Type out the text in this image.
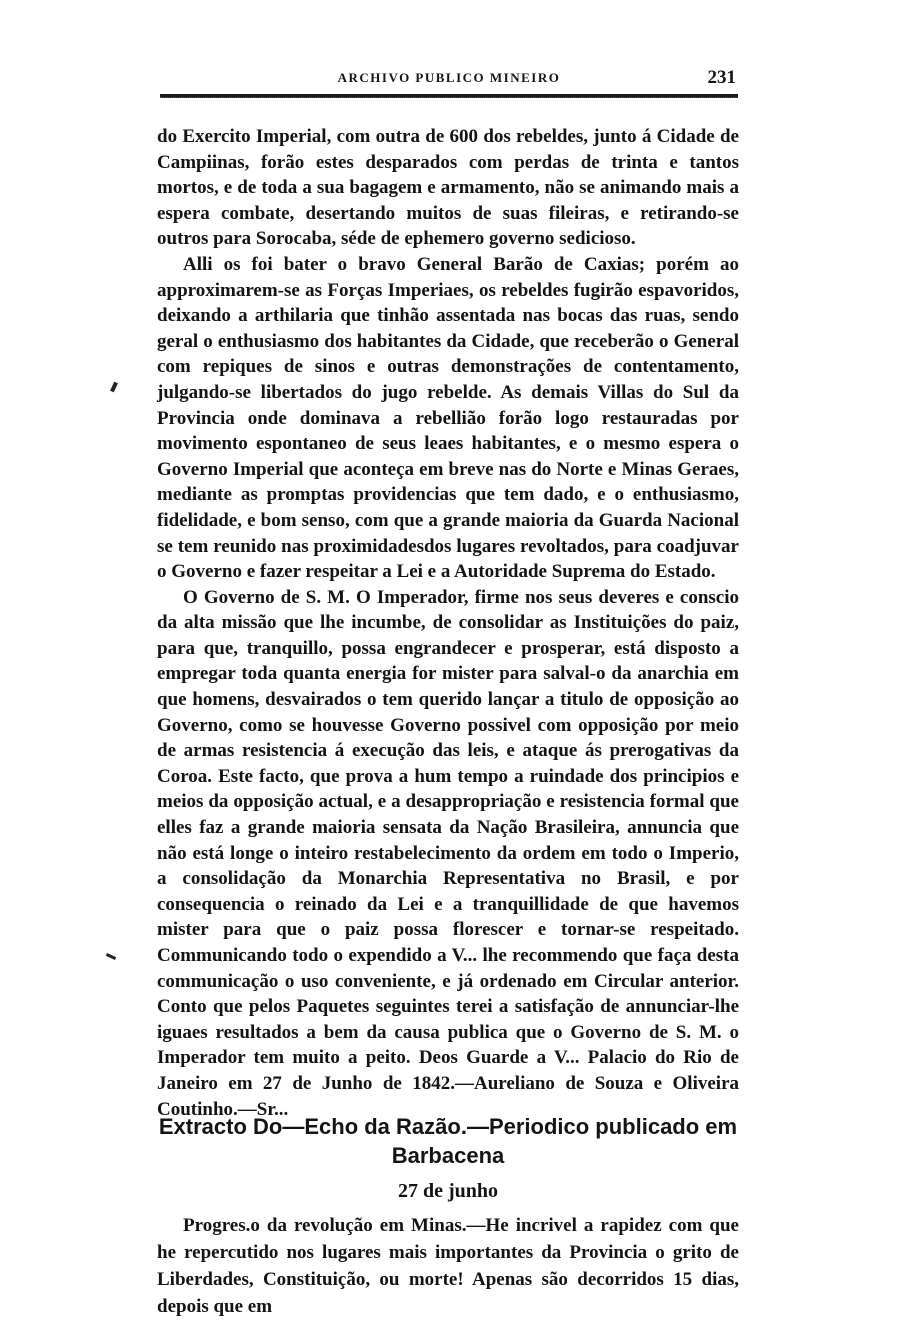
ARCHIVO PUBLICO MINEIRO	231

do Exercito Imperial, com outra de 600 dos rebeldes, junto á Cidade de Campiinas, forão estes desparados com perdas de trinta e tantos mortos, e de toda a sua bagagem e armamento, não se animando mais a espera combate, desertando muitos de suas fileiras, e retirando-se outros para Sorocaba, séde de ephemero governo sedicioso.

Alli os foi bater o bravo General Barão de Caxias; porém ao approximarem-se as Forças Imperiaes, os rebeldes fugirão espavoridos, deixando a arthilaria que tinhão assentada nas bocas das ruas, sendo geral o enthusiasmo dos habitantes da Cidade, que receberão o General com repiques de sinos e outras demonstrações de contentamento, julgando-se libertados do jugo rebelde. As demais Villas do Sul da Provincia onde dominava a rebellião forão logo restauradas por movimento espontaneo de seus leaes habitantes, e o mesmo espera o Governo Imperial que aconteça em breve nas do Norte e Minas Geraes, mediante as promptas providencias que tem dado, e o enthusiasmo, fidelidade, e bom senso, com que a grande maioria da Guarda Nacional se tem reunido nas proximidadesdos lugares revoltados, para coadjuvar o Governo e fazer respeitar a Lei e a Autoridade Suprema do Estado.

O Governo de S. M. O Imperador, firme nos seus deveres e conscio da alta missão que lhe incumbe, de consolidar as Instituições do paiz, para que, tranquillo, possa engrandecer e prosperar, está disposto a empregar toda quanta energia for mister para salval-o da anarchia em que homens, desvairados o tem querido lançar a titulo de opposição ao Governo, como se houvesse Governo possivel com opposição por meio de armas resistencia á execução das leis, e ataque ás prerogativas da Coroa. Este facto, que prova a hum tempo a ruindade dos principios e meios da opposição actual, e a desappropriação e resistencia formal que elles faz a grande maioria sensata da Nação Brasileira, annuncia que não está longe o inteiro restabelecimento da ordem em todo o Imperio, a consolidação da Monarchia Representativa no Brasil, e por consequencia o reinado da Lei e a tranquillidade de que havemos mister para que o paiz possa florescer e tornar-se respeitado. Communicando todo o expendido a V... lhe recommendo que faça desta communicação o uso conveniente, e já ordenado em Circular anterior. Conto que pelos Paquetes seguintes terei a satisfação de annunciar-lhe iguaes resultados a bem da causa publica que o Governo de S. M. o Imperador tem muito a peito. Deos Guarde a V... Palacio do Rio de Janeiro em 27 de Junho de 1842.—Aureliano de Souza e Oliveira Coutinho.—Sr...

Extracto Do—Echo da Razão.—Periodico publicado em Barbacena
27 de junho

Progres.o da revolução em Minas.—He incrivel a rapidez com que he repercutido nos lugares mais importantes da Provincia o grito de Liberdades, Constituição, ou morte! Apenas são decorridos 15 dias, depois que em
